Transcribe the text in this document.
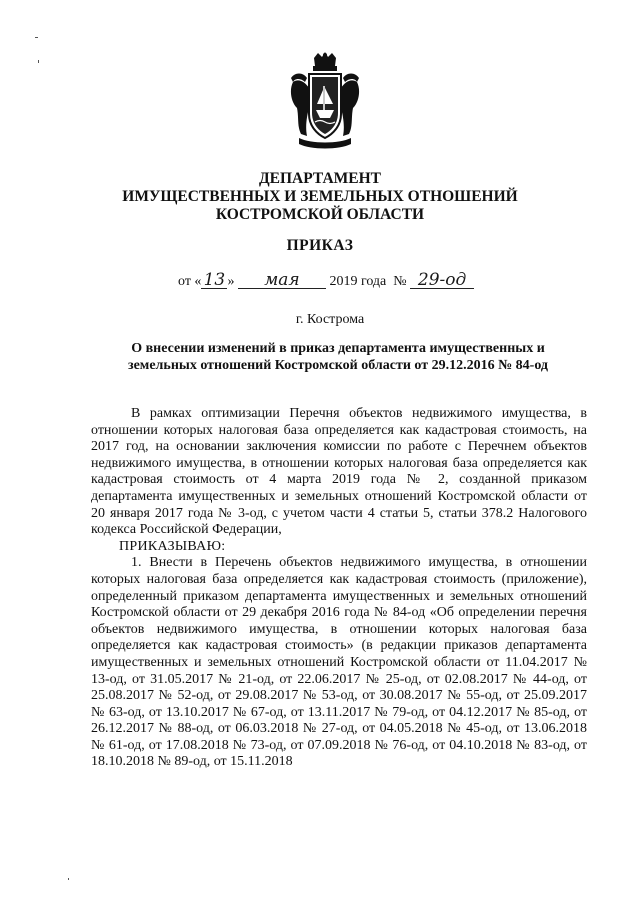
ДЕПАРТАМЕНТ
ИМУЩЕСТВЕННЫХ И ЗЕМЕЛЬНЫХ ОТНОШЕНИЙ
КОСТРОМСКОЙ ОБЛАСТИ
ПРИКАЗ
от « 13 » мая 2019 года № 29-од
г. Кострома
О внесении изменений в приказ департамента имущественных и
земельных отношений Костромской области от 29.12.2016 № 84-од

В рамках оптимизации Перечня объектов недвижимого имущества, в отношении которых налоговая база определяется как кадастровая стоимость, на 2017 год, на основании заключения комиссии по работе с Перечнем объектов недвижимого имущества, в отношении которых налоговая база определяется как кадастровая стоимость от 4 марта 2019 года № 2, созданной приказом департамента имущественных и земельных отношений Костромской области от 20 января 2017 года № 3-од, с учетом части 4 статьи 5, статьи 378.2 Налогового кодекса Российской Федерации,

ПРИКАЗЫВАЮ:

1. Внести в Перечень объектов недвижимого имущества, в отношении которых налоговая база определяется как кадастровая стоимость (приложение), определенный приказом департамента имущественных и земельных отношений Костромской области от 29 декабря 2016 года № 84-од «Об определении перечня объектов недвижимого имущества, в отношении которых налоговая база определяется как кадастровая стоимость» (в редакции приказов департамента имущественных и земельных отношений Костромской области от 11.04.2017 № 13-од, от 31.05.2017 № 21-од, от 22.06.2017 № 25-од, от 02.08.2017 № 44-од, от 25.08.2017 № 52-од, от 29.08.2017 № 53-од, от 30.08.2017 № 55-од, от 25.09.2017 № 63-од, от 13.10.2017 № 67-од, от 13.11.2017 № 79-од, от 04.12.2017 № 85-од, от 26.12.2017 № 88-од, от 06.03.2018 № 27-од, от 04.05.2018 № 45-од, от 13.06.2018 № 61-од, от 17.08.2018 № 73-од, от 07.09.2018 № 76-од, от 04.10.2018 № 83-од, от 18.10.2018 № 89-од, от 15.11.2018
